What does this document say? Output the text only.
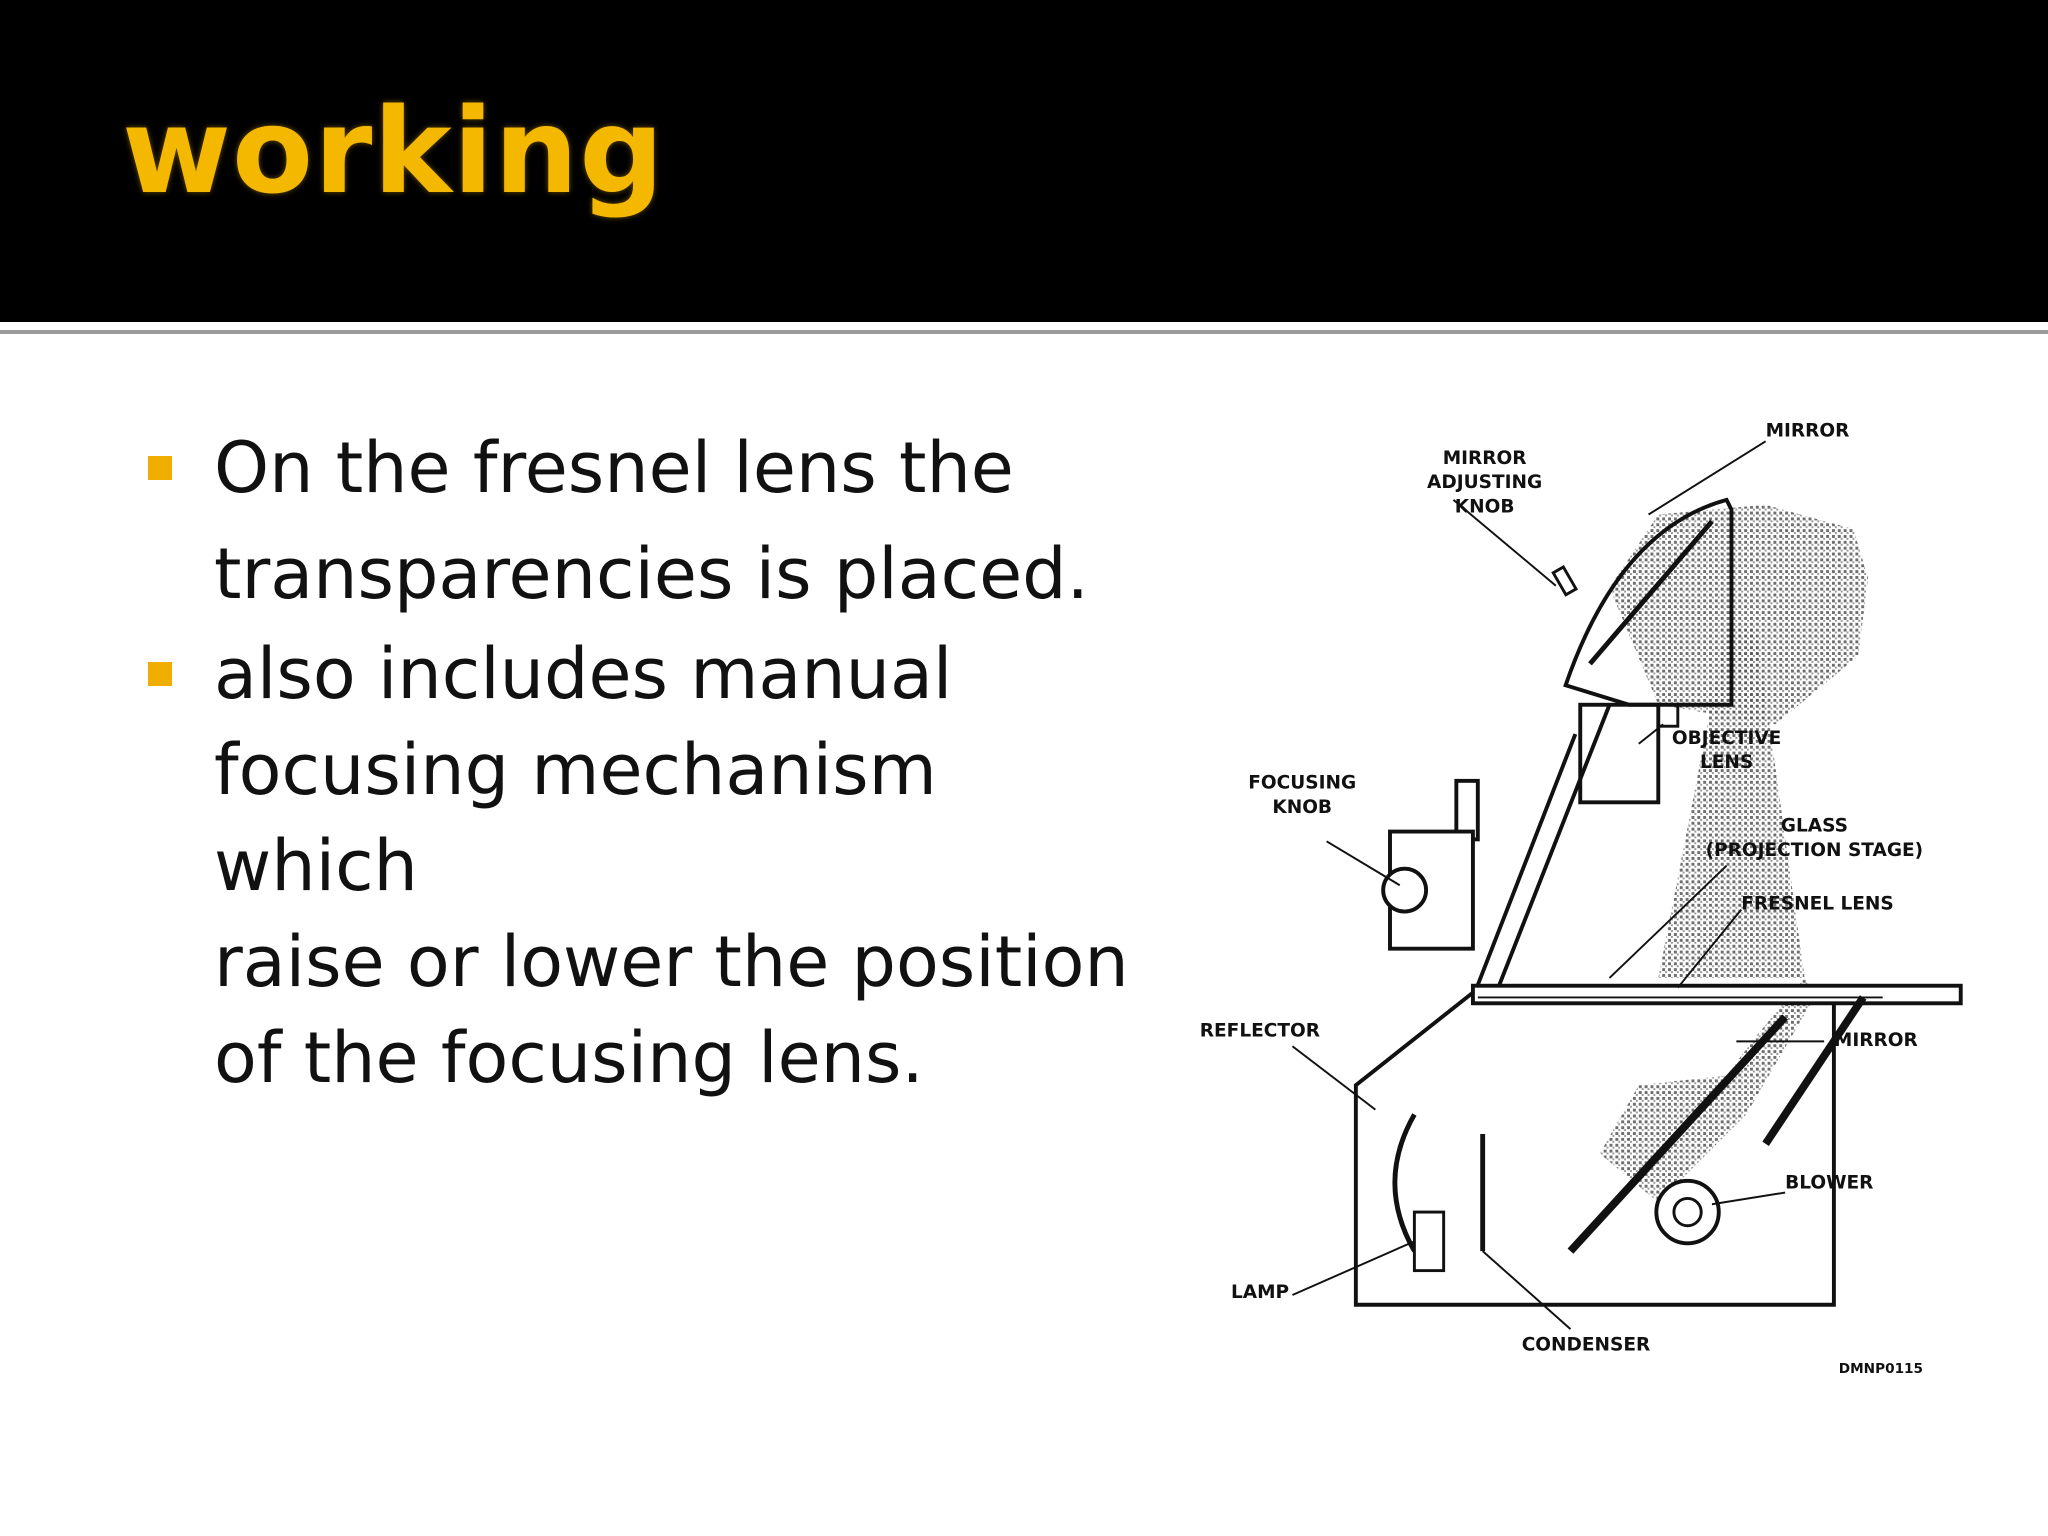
working
On the fresnel lens the
transparencies is placed.
also includes manual
focusing mechanism which
raise or lower the position
of the focusing lens.
MIRROR
MIRROR
ADJUSTING
KNOB
OBJECTIVE
LENS
FOCUSING
KNOB
GLASS
(PROJECTION STAGE)
FRESNEL LENS
REFLECTOR	MIRROR
BLOWER
LAMP
CONDENSER
DMNP0115
